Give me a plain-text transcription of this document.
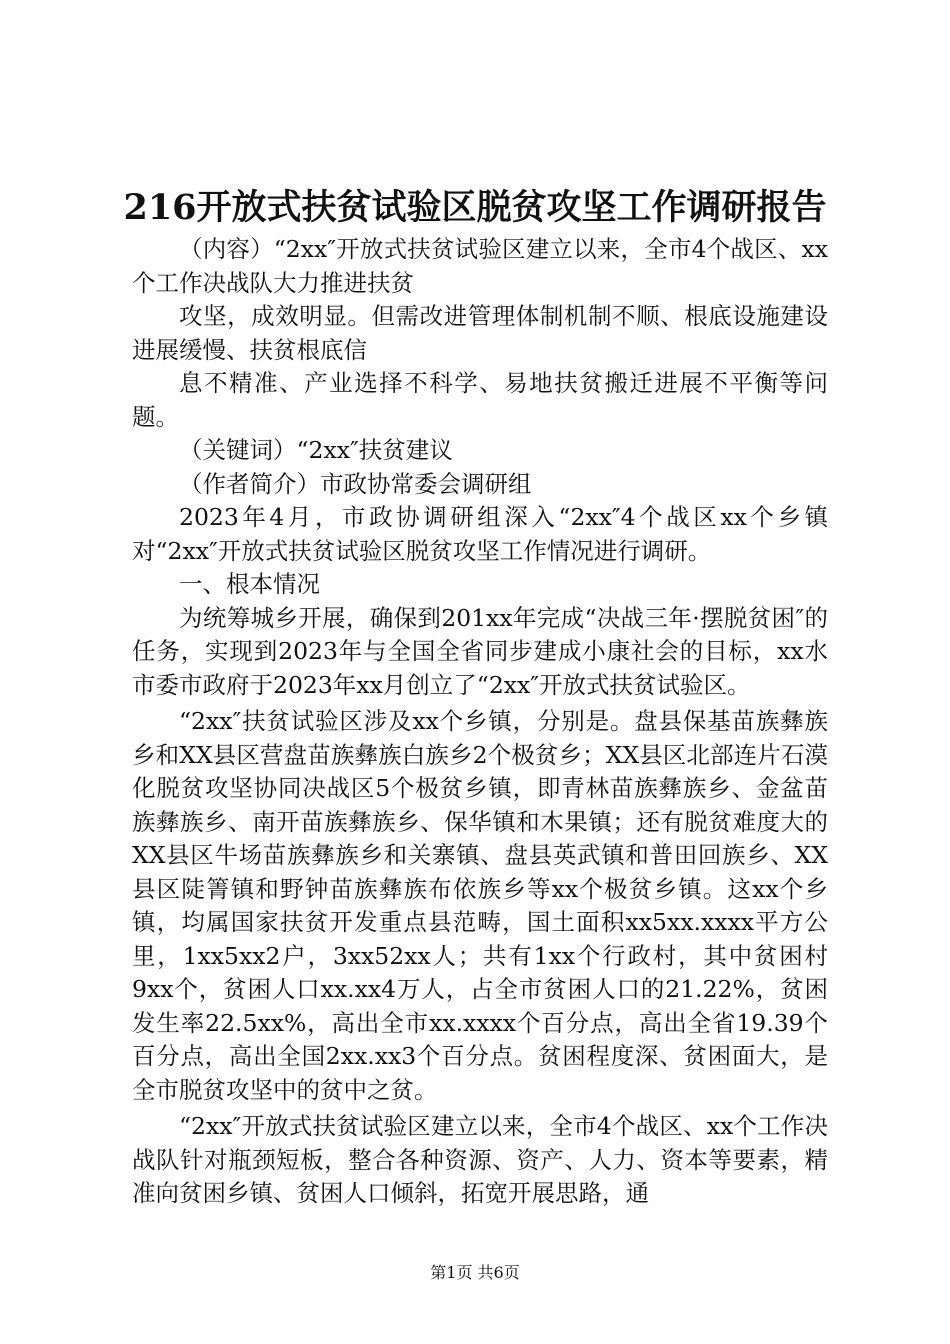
216开放式扶贫试验区脱贫攻坚工作调研报告

（内容）“2xx″开放式扶贫试验区建立以来，全市4个战区、xx个工作决战队大力推进扶贫

攻坚，成效明显。但需改进管理体制机制不顺、根底设施建设进展缓慢、扶贫根底信

息不精准、产业选择不科学、易地扶贫搬迁进展不平衡等问题。

（关键词）“2xx″扶贫建议

（作者简介）市政协常委会调研组

2023年4月，市政协调研组深入“2xx″4个战区xx个乡镇对“2xx″开放式扶贫试验区脱贫攻坚工作情况进行调研。

一、根本情况

为统筹城乡开展，确保到201xx年完成“决战三年·摆脱贫困″的任务，实现到2023年与全国全省同步建成小康社会的目标，xx水市委市政府于2023年xx月创立了“2xx″开放式扶贫试验区。

“2xx″扶贫试验区涉及xx个乡镇，分别是。盘县保基苗族彝族乡和XX县区营盘苗族彝族白族乡2个极贫乡；XX县区北部连片石漠化脱贫攻坚协同决战区5个极贫乡镇，即青林苗族彝族乡、金盆苗族彝族乡、南开苗族彝族乡、保华镇和木果镇；还有脱贫难度大的XX县区牛场苗族彝族乡和关寨镇、盘县英武镇和普田回族乡、XX县区陡箐镇和野钟苗族彝族布依族乡等xx个极贫乡镇。这xx个乡镇，均属国家扶贫开发重点县范畴，国土面积xx5xx.xxxx平方公里，1xx5xx2户，3xx52xx人；共有1xx个行政村，其中贫困村9xx个，贫困人口xx.xx4万人，占全市贫困人口的21.22%，贫困发生率22.5xx%，高出全市xx.xxxx个百分点，高出全省19.39个百分点，高出全国2xx.xx3个百分点。贫困程度深、贫困面大，是全市脱贫攻坚中的贫中之贫。

“2xx″开放式扶贫试验区建立以来，全市4个战区、xx个工作决战队针对瓶颈短板，整合各种资源、资产、人力、资本等要素，精准向贫困乡镇、贫困人口倾斜，拓宽开展思路，通

第1页 共6页
